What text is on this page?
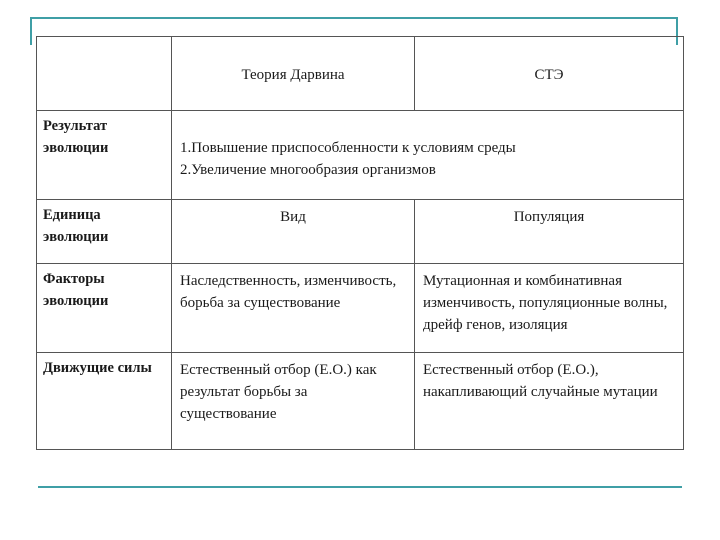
	Теория Дарвина	СТЭ
Результат эволюции	1.Повышение приспособленности к условиям среды
2.Увеличение многообразия организмов	
Единица эволюции	Вид	Популяция
Факторы эволюции	Наследственность, изменчивость, борьба за существование	Мутационная и комбинативная изменчивость, популяционные волны, дрейф генов, изоляция
Движущие силы	Естественный отбор (Е.О.) как результат борьбы за существование	Естественный отбор (Е.О.), накапливающий случайные мутации
